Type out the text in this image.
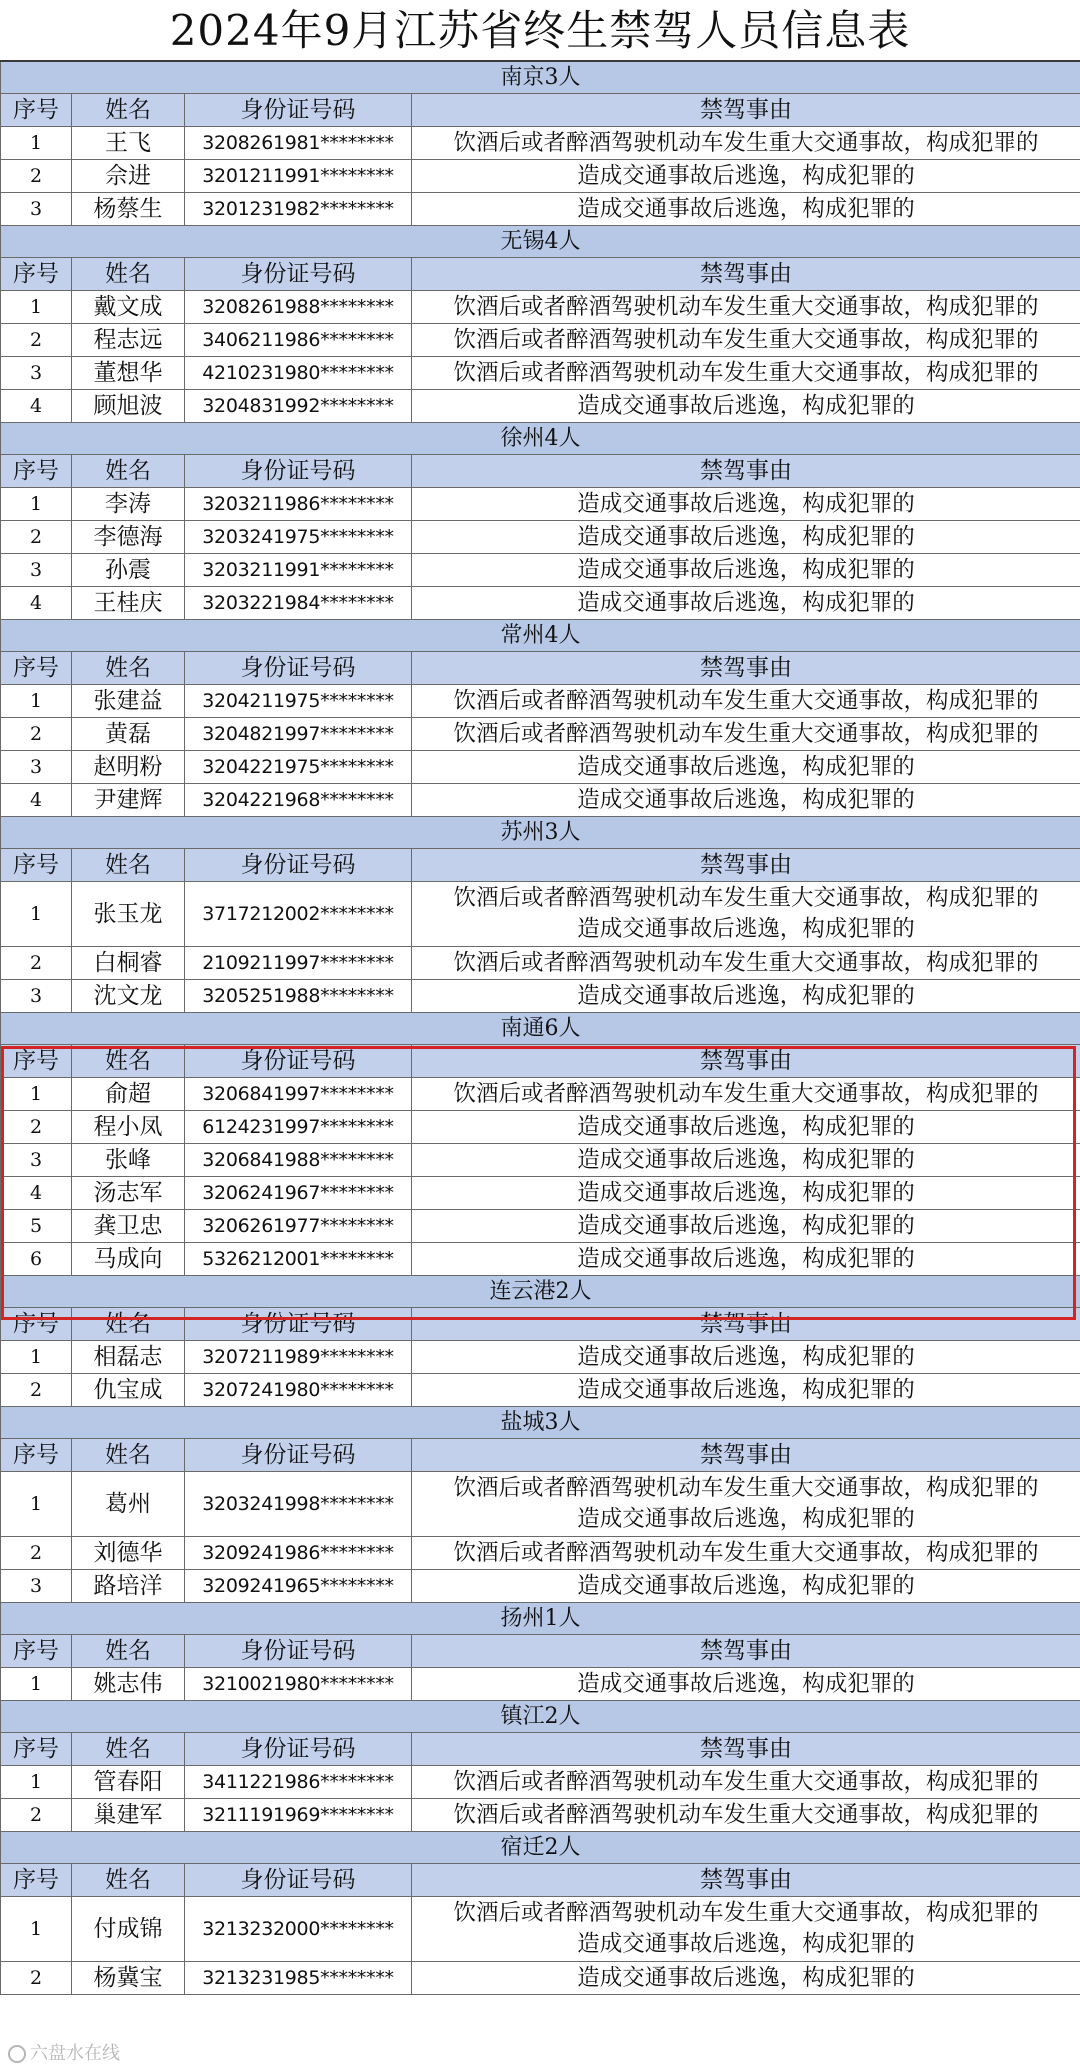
2024年9月江苏省终生禁驾人员信息表
南京3人			
序号	姓名	身份证号码	禁驾事由
1	王飞	3208261981********	饮酒后或者醉酒驾驶机动车发生重大交通事故，构成犯罪的
2	佘进	3201211991********	造成交通事故后逃逸，构成犯罪的
3	杨蔡生	3201231982********	造成交通事故后逃逸，构成犯罪的
无锡4人			
序号	姓名	身份证号码	禁驾事由
1	戴文成	3208261988********	饮酒后或者醉酒驾驶机动车发生重大交通事故，构成犯罪的
2	程志远	3406211986********	饮酒后或者醉酒驾驶机动车发生重大交通事故，构成犯罪的
3	董想华	4210231980********	饮酒后或者醉酒驾驶机动车发生重大交通事故，构成犯罪的
4	顾旭波	3204831992********	造成交通事故后逃逸，构成犯罪的
徐州4人			
序号	姓名	身份证号码	禁驾事由
1	李涛	3203211986********	造成交通事故后逃逸，构成犯罪的
2	李德海	3203241975********	造成交通事故后逃逸，构成犯罪的
3	孙震	3203211991********	造成交通事故后逃逸，构成犯罪的
4	王桂庆	3203221984********	造成交通事故后逃逸，构成犯罪的
常州4人			
序号	姓名	身份证号码	禁驾事由
1	张建益	3204211975********	饮酒后或者醉酒驾驶机动车发生重大交通事故，构成犯罪的
2	黄磊	3204821997********	饮酒后或者醉酒驾驶机动车发生重大交通事故，构成犯罪的
3	赵明粉	3204221975********	造成交通事故后逃逸，构成犯罪的
4	尹建辉	3204221968********	造成交通事故后逃逸，构成犯罪的
苏州3人			
序号	姓名	身份证号码	禁驾事由
1	张玉龙	3717212002********	饮酒后或者醉酒驾驶机动车发生重大交通事故，构成犯罪的
造成交通事故后逃逸，构成犯罪的

2	白桐睿	2109211997********	饮酒后或者醉酒驾驶机动车发生重大交通事故，构成犯罪的
3	沈文龙	3205251988********	造成交通事故后逃逸，构成犯罪的
南通6人			
序号	姓名	身份证号码	禁驾事由
1	俞超	3206841997********	饮酒后或者醉酒驾驶机动车发生重大交通事故，构成犯罪的
2	程小凤	6124231997********	造成交通事故后逃逸，构成犯罪的
3	张峰	3206841988********	造成交通事故后逃逸，构成犯罪的
4	汤志军	3206241967********	造成交通事故后逃逸，构成犯罪的
5	龚卫忠	3206261977********	造成交通事故后逃逸，构成犯罪的
6	马成向	5326212001********	造成交通事故后逃逸，构成犯罪的
连云港2人			
序号	姓名	身份证号码	禁驾事由
1	相磊志	3207211989********	造成交通事故后逃逸，构成犯罪的
2	仇宝成	3207241980********	造成交通事故后逃逸，构成犯罪的
盐城3人			
序号	姓名	身份证号码	禁驾事由
1	葛州	3203241998********	饮酒后或者醉酒驾驶机动车发生重大交通事故，构成犯罪的
造成交通事故后逃逸，构成犯罪的

2	刘德华	3209241986********	饮酒后或者醉酒驾驶机动车发生重大交通事故，构成犯罪的
3	路培洋	3209241965********	造成交通事故后逃逸，构成犯罪的
扬州1人			
序号	姓名	身份证号码	禁驾事由
1	姚志伟	3210021980********	造成交通事故后逃逸，构成犯罪的
镇江2人			
序号	姓名	身份证号码	禁驾事由
1	管春阳	3411221986********	饮酒后或者醉酒驾驶机动车发生重大交通事故，构成犯罪的
2	巢建军	3211191969********	饮酒后或者醉酒驾驶机动车发生重大交通事故，构成犯罪的
宿迁2人			
序号	姓名	身份证号码	禁驾事由
1	付成锦	3213232000********	饮酒后或者醉酒驾驶机动车发生重大交通事故，构成犯罪的
造成交通事故后逃逸，构成犯罪的

2	杨冀宝	3213231985********	造成交通事故后逃逸，构成犯罪的
六盘水在线
